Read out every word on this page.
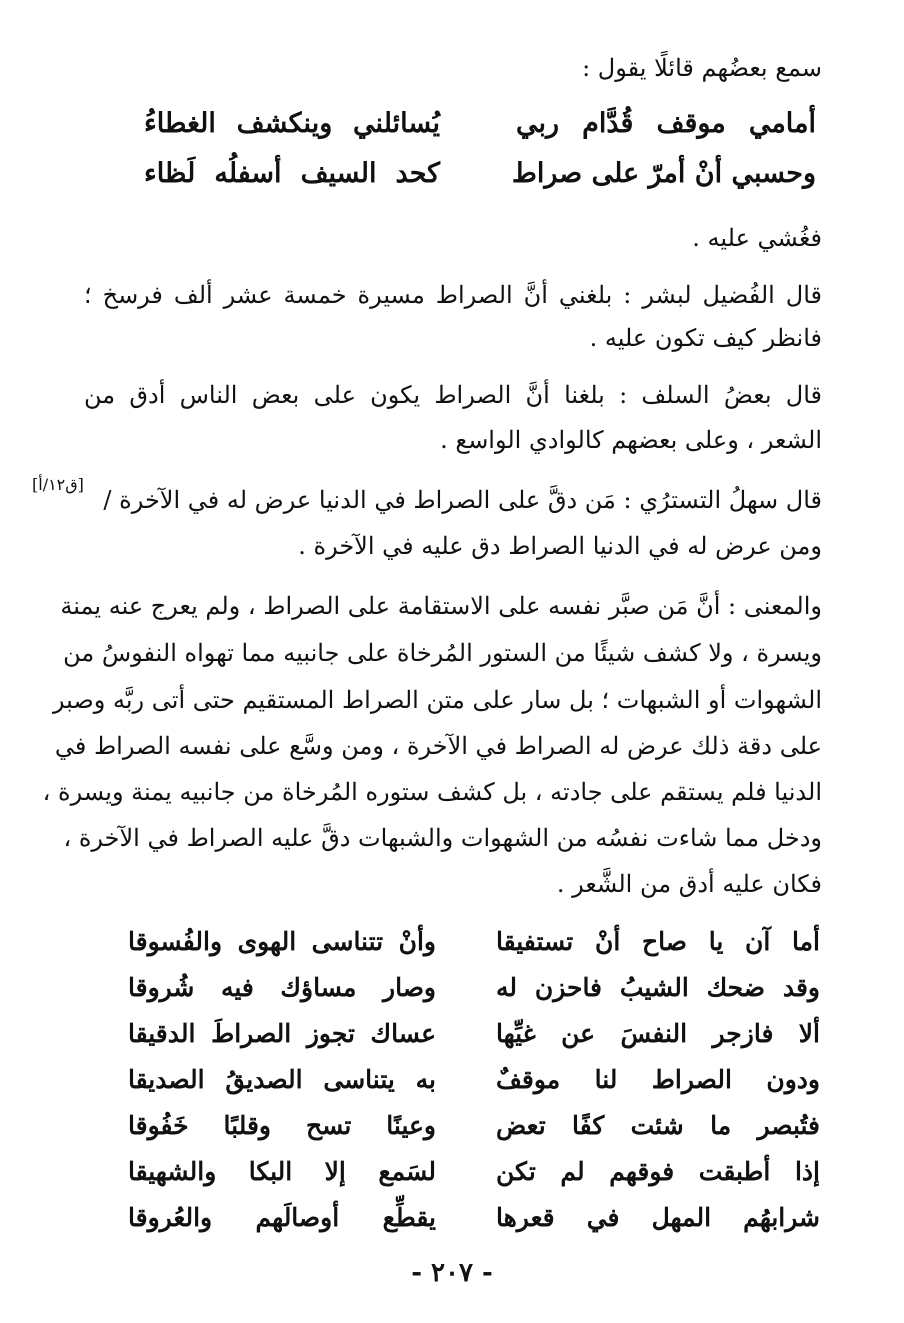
سمع بعضُهم قائلًا يقول :
أمامي موقف قُدَّام ربي
يُسائلني وينكشف الغطاءُ
وحسبي أنْ أمرّ على صراط
كحد السيف أسفلُه لَظاء
فغُشي عليه .
قال الفُضيل لبشر : بلغني أنَّ الصراط مسيرة خمسة عشر ألف فرسخ ؛
فانظر كيف تكون عليه .
قال بعضُ السلف : بلغنا أنَّ الصراط يكون على بعض الناس أدق من
الشعر ، وعلى بعضهم كالوادي الواسع .
قال سهلُ التسترُي : مَن دقَّ على الصراط في الدنيا عرض له في الآخرة /
ومن عرض له في الدنيا الصراط دق عليه في الآخرة .
[ق١٢/أ]
والمعنى : أنَّ مَن صبَّر نفسه على الاستقامة على الصراط ، ولم يعرج عنه يمنة
ويسرة ، ولا كشف شيئًا من الستور المُرخاة على جانبيه مما تهواه النفوسُ من
الشهوات أو الشبهات ؛ بل سار على متن الصراط المستقيم حتى أتى ربَّه وصبر
على دقة ذلك عرض له الصراط في الآخرة ، ومن وسَّع على نفسه الصراط في
الدنيا فلم يستقم على جادته ، بل كشف ستوره المُرخاة من جانبيه يمنة ويسرة ،
ودخل مما شاءت نفسُه من الشهوات والشبهات دقَّ عليه الصراط في الآخرة ،
فكان عليه أدق من الشَّعر .
أما آن يا صاح أنْ تستفيقا
وأنْ تتناسى الهوى والفُسوقا
وقد ضحك الشيبُ فاحزن له
وصار مساؤك فيه شُروقا
ألا فازجر النفسَ عن غيِّها
عساك تجوز الصراطَ الدقيقا
ودون الصراط لنا موقفٌ
به يتناسى الصديقُ الصديقا
فتُبصر ما شئت كفًا تعض
وعينًا تسح وقلبًا خَفُوقا
إذا أطبقت فوقهم لم تكن
لسَمع إلا البكا والشهيقا
شرابهُم المهل في قعرها
يقطِّع أوصالَهم والعُروقا
- ٢٠٧ -
